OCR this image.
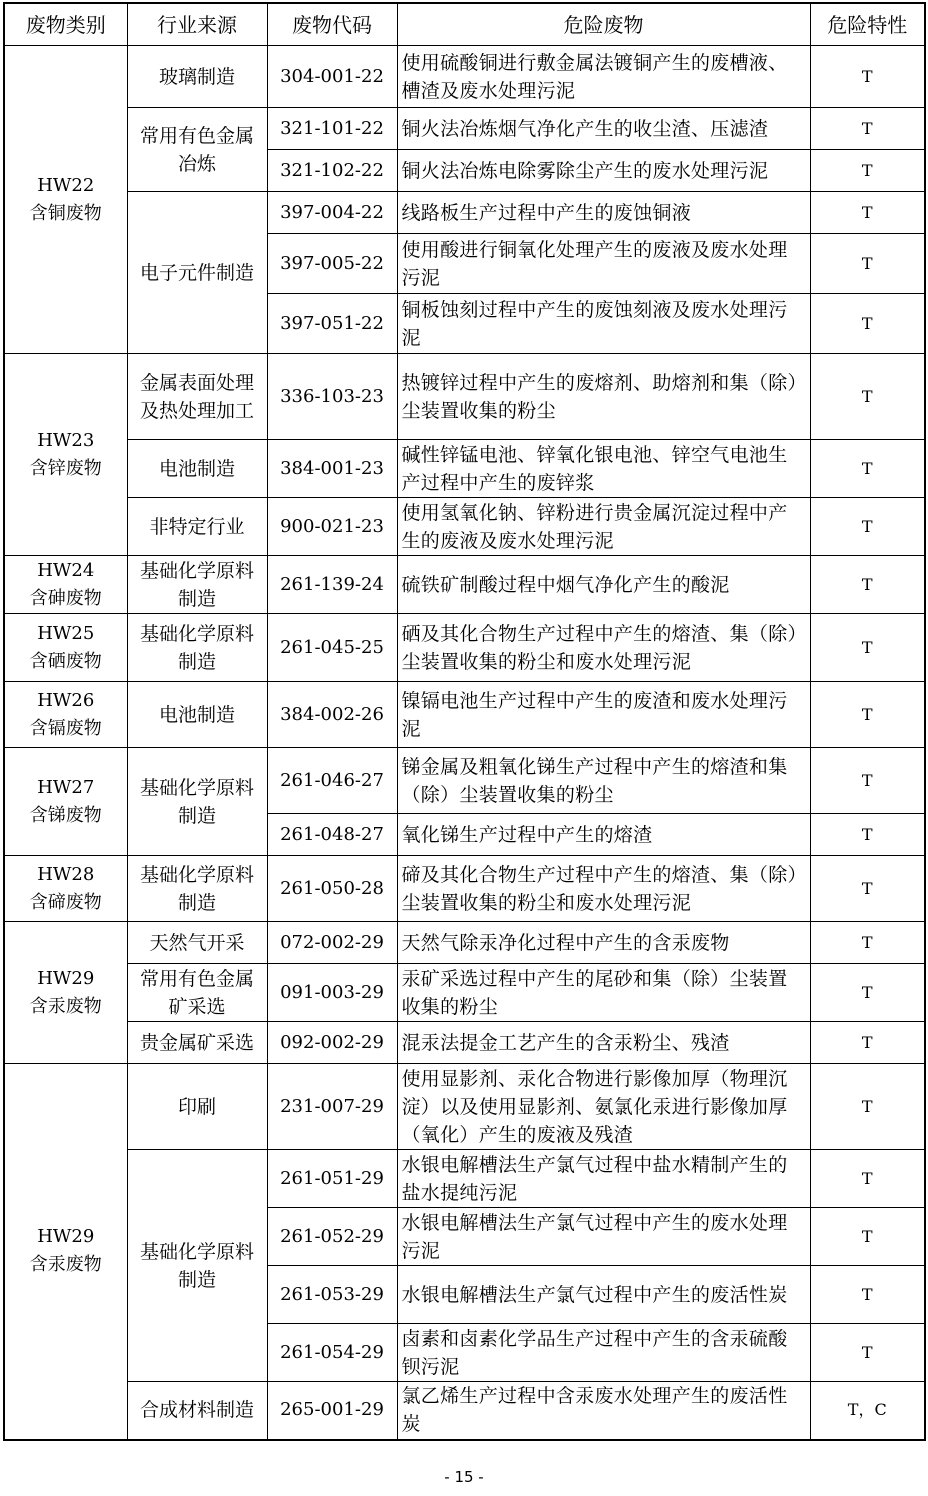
废物类别	行业来源	废物代码	危险废物	危险特性
HW22
含铜废物	玻璃制造	304-001-22	使用硫酸铜进行敷金属法镀铜产生的废槽液、槽渣及废水处理污泥	T
	常用有色金属冶炼	321-101-22	铜火法冶炼烟气净化产生的收尘渣、压滤渣	T
		321-102-22	铜火法冶炼电除雾除尘产生的废水处理污泥	T
	电子元件制造	397-004-22	线路板生产过程中产生的废蚀铜液	T
		397-005-22	使用酸进行铜氧化处理产生的废液及废水处理污泥	T
		397-051-22	铜板蚀刻过程中产生的废蚀刻液及废水处理污泥	T
HW23
含锌废物	金属表面处理及热处理加工	336-103-23	热镀锌过程中产生的废熔剂、助熔剂和集（除）尘装置收集的粉尘	T
	电池制造	384-001-23	碱性锌锰电池、锌氧化银电池、锌空气电池生产过程中产生的废锌浆	T
	非特定行业	900-021-23	使用氢氧化钠、锌粉进行贵金属沉淀过程中产生的废液及废水处理污泥	T
HW24
含砷废物	基础化学原料制造	261-139-24	硫铁矿制酸过程中烟气净化产生的酸泥	T
HW25
含硒废物	基础化学原料制造	261-045-25	硒及其化合物生产过程中产生的熔渣、集（除）尘装置收集的粉尘和废水处理污泥	T
HW26
含镉废物	电池制造	384-002-26	镍镉电池生产过程中产生的废渣和废水处理污泥	T
HW27
含锑废物	基础化学原料制造	261-046-27	锑金属及粗氧化锑生产过程中产生的熔渣和集（除）尘装置收集的粉尘	T
		261-048-27	氧化锑生产过程中产生的熔渣	T
HW28
含碲废物	基础化学原料制造	261-050-28	碲及其化合物生产过程中产生的熔渣、集（除）尘装置收集的粉尘和废水处理污泥	T
HW29
含汞废物	天然气开采	072-002-29	天然气除汞净化过程中产生的含汞废物	T
	常用有色金属矿采选	091-003-29	汞矿采选过程中产生的尾砂和集（除）尘装置收集的粉尘	T
	贵金属矿采选	092-002-29	混汞法提金工艺产生的含汞粉尘、残渣	T
HW29
含汞废物	印刷	231-007-29	使用显影剂、汞化合物进行影像加厚（物理沉淀）以及使用显影剂、氨氯化汞进行影像加厚（氧化）产生的废液及残渣	T
	基础化学原料制造	261-051-29	水银电解槽法生产氯气过程中盐水精制产生的盐水提纯污泥	T
		261-052-29	水银电解槽法生产氯气过程中产生的废水处理污泥	T
		261-053-29	水银电解槽法生产氯气过程中产生的废活性炭	T
		261-054-29	卤素和卤素化学品生产过程中产生的含汞硫酸钡污泥	T
	合成材料制造	265-001-29	氯乙烯生产过程中含汞废水处理产生的废活性炭	T，C
- 15 -
